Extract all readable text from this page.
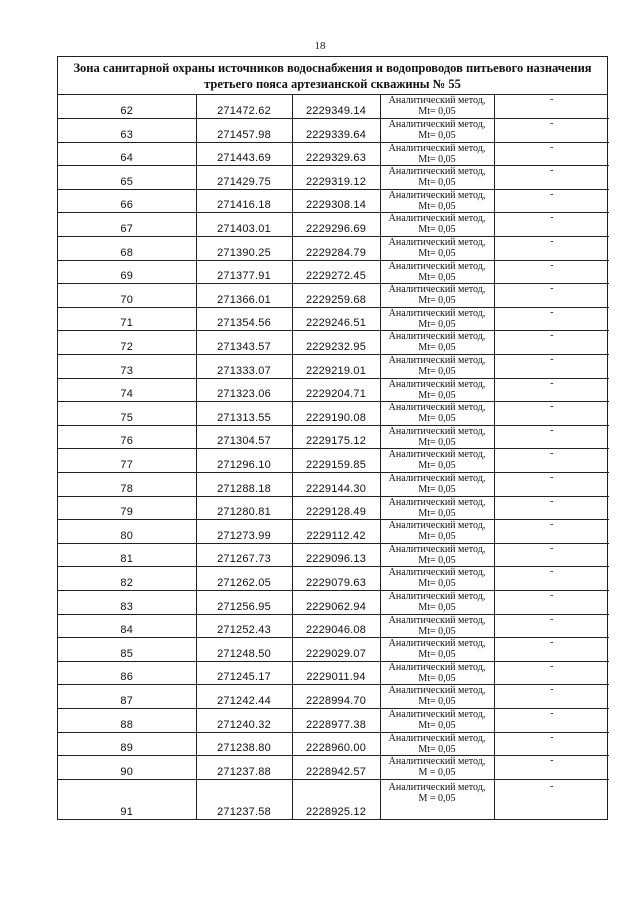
18
Зона санитарной охраны источников водоснабжения и водопроводов питьевого назначения
третьего пояса артезианской скважины № 55
62	271472.62	2229349.14	Аналитический метод,
Mt= 0,05	-
63	271457.98	2229339.64	Аналитический метод,
Mt= 0,05	-
64	271443.69	2229329.63	Аналитический метод,
Mt= 0,05	-
65	271429.75	2229319.12	Аналитический метод,
Mt= 0,05	-
66	271416.18	2229308.14	Аналитический метод,
Mt= 0,05	-
67	271403.01	2229296.69	Аналитический метод,
Mt= 0,05	-
68	271390.25	2229284.79	Аналитический метод,
Mt= 0,05	-
69	271377.91	2229272.45	Аналитический метод,
Mt= 0,05	-
70	271366.01	2229259.68	Аналитический метод,
Mt= 0,05	-
71	271354.56	2229246.51	Аналитический метод,
Mt= 0,05	-
72	271343.57	2229232.95	Аналитический метод,
Mt= 0,05	-
73	271333.07	2229219.01	Аналитический метод,
Mt= 0,05	-
74	271323.06	2229204.71	Аналитический метод,
Mt= 0,05	-
75	271313.55	2229190.08	Аналитический метод,
Mt= 0,05	-
76	271304.57	2229175.12	Аналитический метод,
Mt= 0,05	-
77	271296.10	2229159.85	Аналитический метод,
Mt= 0,05	-
78	271288.18	2229144.30	Аналитический метод,
Mt= 0,05	-
79	271280.81	2229128.49	Аналитический метод,
Mt= 0,05	-
80	271273.99	2229112.42	Аналитический метод,
Mt= 0,05	-
81	271267.73	2229096.13	Аналитический метод,
Mt= 0,05	-
82	271262.05	2229079.63	Аналитический метод,
Mt= 0,05	-
83	271256.95	2229062.94	Аналитический метод,
Mt= 0,05	-
84	271252.43	2229046.08	Аналитический метод,
Mt= 0,05	-
85	271248.50	2229029.07	Аналитический метод,
Mt= 0,05	-
86	271245.17	2229011.94	Аналитический метод,
Mt= 0,05	-
87	271242.44	2228994.70	Аналитический метод,
Mt= 0,05	-
88	271240.32	2228977.38	Аналитический метод,
Mt= 0,05	-
89	271238.80	2228960.00	Аналитический метод,
Mt= 0,05	-
90	271237.88	2228942.57	Аналитический метод,
M = 0,05	-
91	271237.58	2228925.12	Аналитический метод,
M = 0,05	-
